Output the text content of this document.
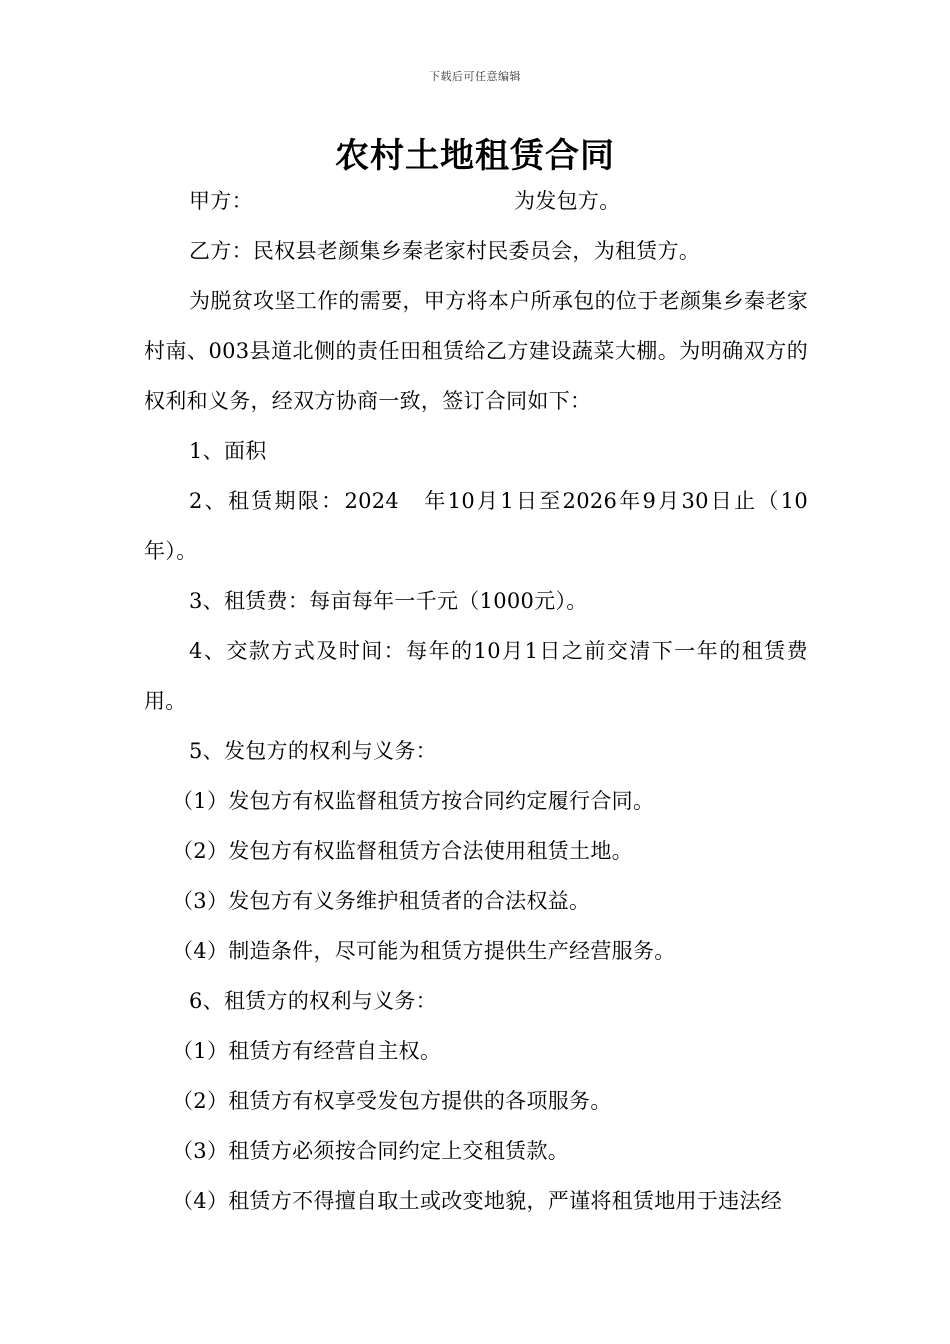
下载后可任意编辑
农村土地租赁合同

甲方：	为发包方。

乙方：民权县老颜集乡秦老家村民委员会，为租赁方。

为脱贫攻坚工作的需要，甲方将本户所承包的位于老颜集乡秦老家村南、003县道北侧的责任田租赁给乙方建设蔬菜大棚。为明确双方的权利和义务，经双方协商一致，签订合同如下：

1、面积

2、租赁期限：2024　年10月1日至2026年9月30日止（10年）。

3、租赁费：每亩每年一千元（1000元）。

4、交款方式及时间：每年的10月1日之前交清下一年的租赁费用。

5、发包方的权利与义务：

（1）发包方有权监督租赁方按合同约定履行合同。

（2）发包方有权监督租赁方合法使用租赁土地。

（3）发包方有义务维护租赁者的合法权益。

（4）制造条件，尽可能为租赁方提供生产经营服务。

6、租赁方的权利与义务：

（1）租赁方有经营自主权。

（2）租赁方有权享受发包方提供的各项服务。

（3）租赁方必须按合同约定上交租赁款。

（4）租赁方不得擅自取土或改变地貌，严谨将租赁地用于违法经
